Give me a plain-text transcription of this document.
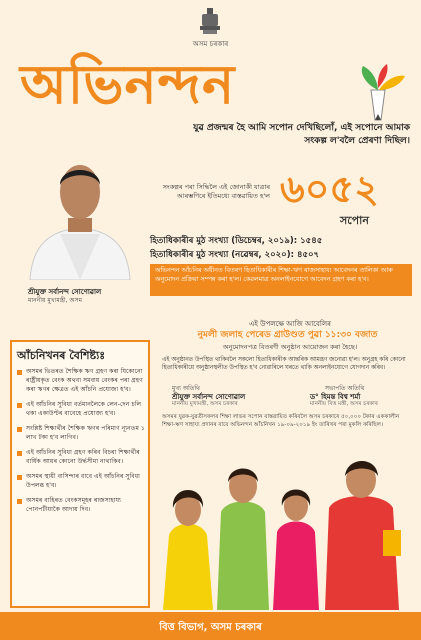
অসম চৰকাৰ
অভিনন্দন
যুৱ প্ৰজন্মৰ হৈ আমি সপোন দেখিছিলোঁ, এই সপোনে আমাক
সংকল্প ল'বলৈ প্ৰেৰণা দিছিল।
শ্ৰীযুক্ত সৰ্বানন্দ সোণোৱাল
মাননীয় মুখ্যমন্ত্ৰী, অসম
সংকল্পৰ পৰা সিদ্ধিলৈ এই জোনাকী যাত্ৰাৰ আৰম্ভণিৰে ইতিমধ্যে বাস্তৱায়িত হ'ল ৬০৫২
সপোন
হিতাধিকাৰীৰ মুঠ সংখ্যা (ডিচেম্বৰ, ২০১৯): ১৫৪৫
হিতাধিকাৰীৰ মুঠ সংখ্যা (নৱেম্বৰ, ২০২০): ৪৫০৭
অভিনন্দন আঁচনিৰ অধীনত বিতৰণ হিতাধিকাৰীৰ শিক্ষা-ঋণ ৰাজসাহায্য আবেদনৰ তালিকা আৰু অনুমোদন প্ৰক্ৰিয়া সম্পন্ন কৰা হ'ল। কেৱলমাত্ৰ অনলাইনযোগে আবেদন গ্ৰহণ কৰা হ'ব।
আঁচনিখনৰ বৈশিষ্ট্যঃ
অসমৰ ভিতৰত শৈক্ষিক ঋণ গ্ৰহণ কৰা যিকোনো ৰাষ্ট্ৰীয়কৃত বেংক অথবা সমবায় বেংকৰ পৰা গ্ৰহণ কৰা ঋণৰ ক্ষেত্ৰত এই আঁচনি প্ৰযোজ্য হ'ব।
এই আঁচনিৰ সুবিধা বৰ্তমানলৈকে লেন-দেন চলি থকা একাউণ্টৰ বাবেহে প্ৰযোজ্য হ'ব।
সংশ্লিষ্ট শিক্ষাৰ্থীৰ শৈক্ষিক ঋণৰ পৰিমাণ ন্যূনতম ১ লাখ টকা হ'ব লাগিব।
এই আঁচনিৰ সুবিধা গ্ৰহণ কৰিব বিচৰা শিক্ষাৰ্থীৰ বাৰ্ষিক আয়ৰ কোনো উৰ্দ্ধসীমা নাথাকিব।
অসমৰ স্থায়ী বাসিন্দাৰ বাবে এই আঁচনিৰ সুবিধা উপলব্ধ হ'ব।
অসমৰ বাহিৰত বেংকসমূহৰ ৰাজসাহায্য পোনপটীয়াকৈ আদায় দিব।
এই উপলক্ষে আজি আবেলিৰ
নুমলী জলাহ পেৰেড গ্ৰাউণ্ডত পুৱা ১১:৩০ বজাত
অনুমোদনপত্ৰ বিতৰণী অনুষ্ঠান আয়োজন কৰা হৈছে।
এই অনুষ্ঠানত উপস্থিত থাকিবলৈ সকলো হিতাধিকাৰীক আন্তৰিক আমন্ত্ৰণ জনোৱা হ'ল। অনুগ্ৰহ কৰি কোনো হিতাধিকাৰীয়ে অনুষ্ঠানস্থলীত উপস্থিত হ'ব নোৱাৰিলে ঘৰতে থাকি অনলাইনযোগে যোগদান কৰিব।
মুখ্য অতিথি
শ্ৰীযুক্ত সৰ্বানন্দ সোণোৱাল
মাননীয় মুখ্যমন্ত্ৰী, অসম চৰকাৰ
সভাপতি অতিথি
ড° হিমন্ত বিশ্ব শৰ্মা
মাননীয় বিত্ত মন্ত্ৰী, অসম চৰকাৰ
অসমৰ যুৱক-যুৱতীসকলৰ শিক্ষা লাভৰ সপোন বাস্তৱায়িত কৰিবলৈ অসম চৰকাৰে ৫০,০০০ টকাৰ এককালীন শিক্ষা-ঋণ সাহায্য প্ৰদানৰ বাবে অভিনন্দন আঁচনিখন ১৯-০৯-২০১৯ ইং তাৰিখৰ পৰা মুকলি কৰিছিল।
বিত্ত বিভাগ, অসম চৰকাৰ
